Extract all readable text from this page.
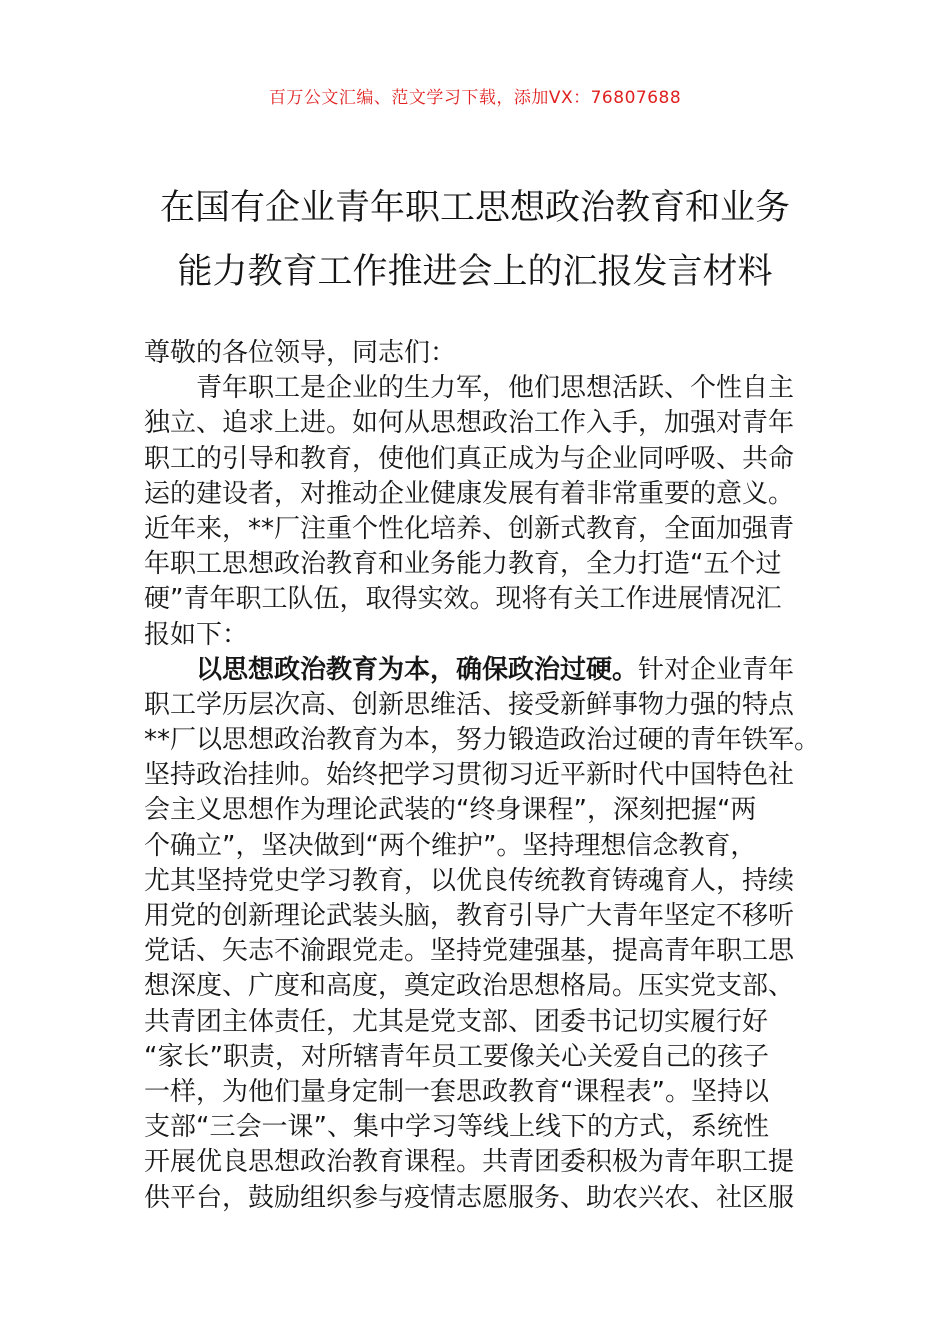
百万公文汇编、范文学习下载，添加VX：76807688
在国有企业青年职工思想政治教育和业务
能力教育工作推进会上的汇报发言材料
尊敬的各位领导，同志们：
青年职工是企业的生力军，他们思想活跃、个性自主
独立、追求上进。如何从思想政治工作入手，加强对青年
职工的引导和教育，使他们真正成为与企业同呼吸、共命
运的建设者，对推动企业健康发展有着非常重要的意义。
近年来，**厂注重个性化培养、创新式教育，全面加强青
年职工思想政治教育和业务能力教育，全力打造“五个过
硬”青年职工队伍，取得实效。现将有关工作进展情况汇
报如下：
以思想政治教育为本，确保政治过硬。针对企业青年
职工学历层次高、创新思维活、接受新鲜事物力强的特点
**厂以思想政治教育为本，努力锻造政治过硬的青年铁军。
坚持政治挂帅。始终把学习贯彻习近平新时代中国特色社
会主义思想作为理论武装的“终身课程”，深刻把握“两
个确立”，坚决做到“两个维护”。坚持理想信念教育，
尤其坚持党史学习教育，以优良传统教育铸魂育人，持续
用党的创新理论武装头脑，教育引导广大青年坚定不移听
党话、矢志不渝跟党走。坚持党建强基，提高青年职工思
想深度、广度和高度，奠定政治思想格局。压实党支部、
共青团主体责任，尤其是党支部、团委书记切实履行好
“家长”职责，对所辖青年员工要像关心关爱自己的孩子
一样，为他们量身定制一套思政教育“课程表”。坚持以
支部“三会一课”、集中学习等线上线下的方式，系统性
开展优良思想政治教育课程。共青团委积极为青年职工提
供平台，鼓励组织参与疫情志愿服务、助农兴农、社区服
